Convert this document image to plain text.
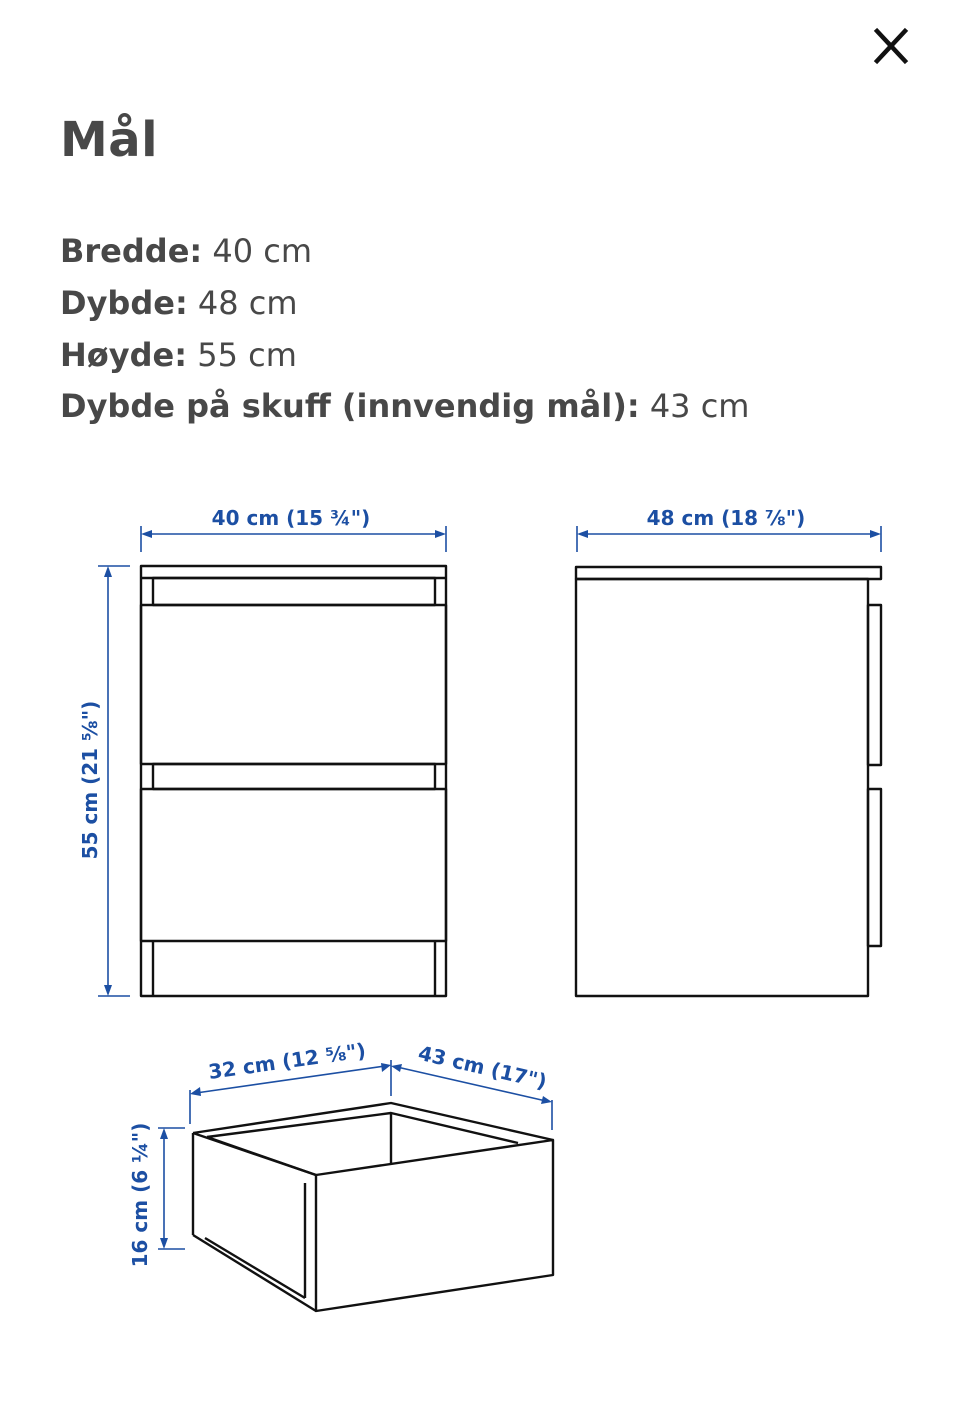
Mål
Bredde: 40 cm
Dybde: 48 cm
Høyde: 55 cm
Dybde på skuff (innvendig mål): 43 cm
40 cm (15 ¾")
55 cm (21 ⅝")
48 cm (18 ⅞")
32 cm (12 ⅝") 43 cm (17")
16 cm (6 ¼")
